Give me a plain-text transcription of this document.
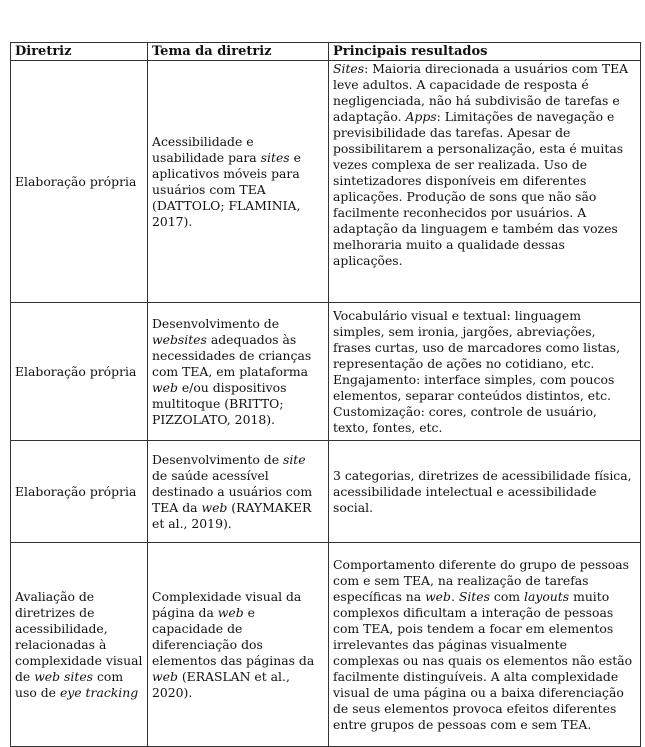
Diretriz	Tema da diretriz	Principais resultados
Elaboração própria	Acessibilidade e usabilidade para sites e aplicativos móveis para usuários com TEA (DATTOLO; FLAMINIA, 2017).	Sites: Maioria direcionada a usuários com TEA leve adultos. A capacidade de resposta é negligenciada, não há subdivisão de tarefas e adaptação. Apps: Limitações de navegação e previsibilidade das tarefas. Apesar de possibilitarem a personalização, esta é muitas vezes complexa de ser realizada. Uso de sintetizadores disponíveis em diferentes aplicações. Produção de sons que não são facilmente reconhecidos por usuários. A adaptação da linguagem e também das vozes melhoraria muito a qualidade dessas aplicações.
Elaboração própria	Desenvolvimento de websites adequados às necessidades de crianças com TEA, em plataforma web e/ou dispositivos multitoque (BRITTO; PIZZOLATO, 2018).	Vocabulário visual e textual: linguagem simples, sem ironia, jargões, abreviações, frases curtas, uso de marcadores como listas, representação de ações no cotidiano, etc. Engajamento: interface simples, com poucos elementos, separar conteúdos distintos, etc. Customização: cores, controle de usuário, texto, fontes, etc.
Elaboração própria	Desenvolvimento de site de saúde acessível destinado a usuários com TEA da web (RAYMAKER et al., 2019).	3 categorias, diretrizes de acessibilidade física, acessibilidade intelectual e acessibilidade social.
Avaliação de diretrizes de acessibilidade, relacionadas à complexidade visual de web sites com uso de eye tracking	Complexidade visual da página da web e capacidade de diferenciação dos elementos das páginas da web (ERASLAN et al., 2020).	Comportamento diferente do grupo de pessoas com e sem TEA, na realização de tarefas específicas na web. Sites com layouts muito complexos dificultam a interação de pessoas com TEA, pois tendem a focar em elementos irrelevantes das páginas visualmente complexas ou nas quais os elementos não estão facilmente distinguíveis. A alta complexidade visual de uma página ou a baixa diferenciação de seus elementos provoca efeitos diferentes entre grupos de pessoas com e sem TEA.
